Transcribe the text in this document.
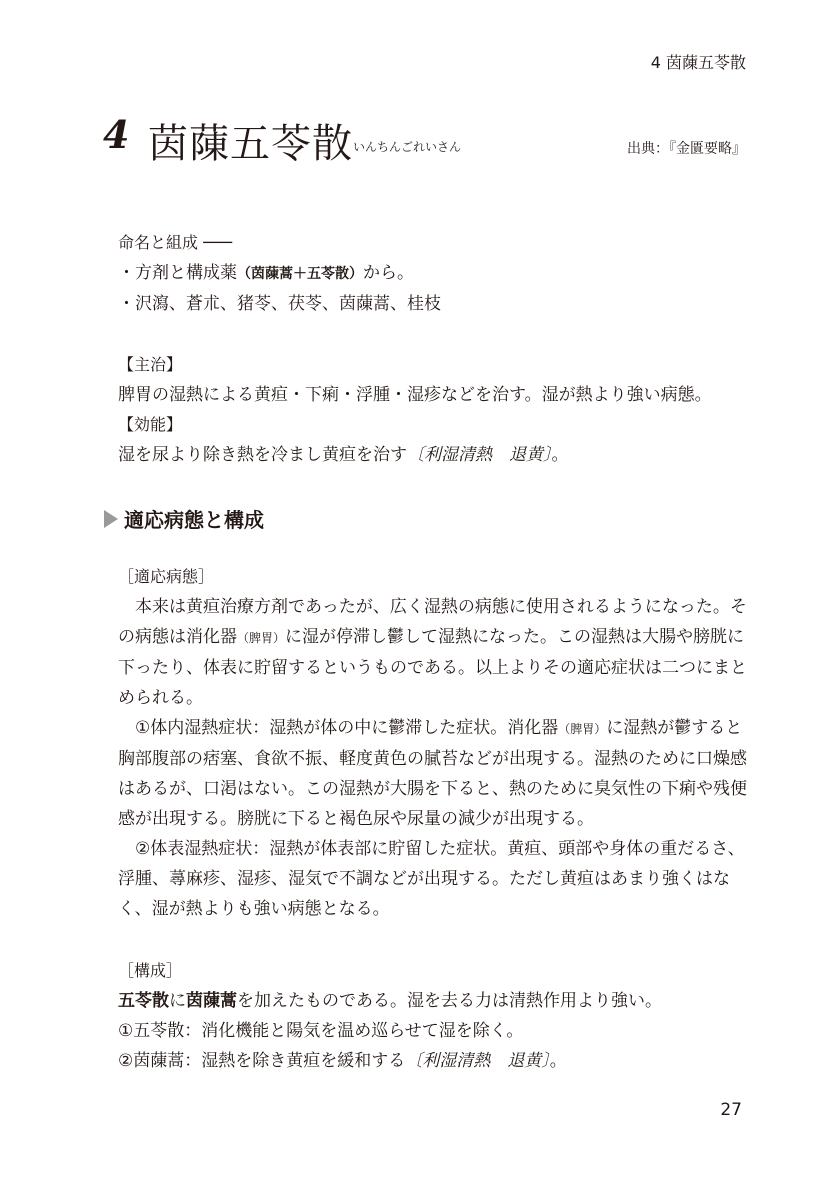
4 茵蔯五苓散
4 茵蔯五苓散 いんちんごれいさん	出典：『金匱要略』

命名と組成 ───

・方剤と構成薬（茵蔯蒿＋五苓散）から。

・沢瀉、蒼朮、猪苓、茯苓、茵蔯蒿、桂枝

【主治】

脾胃の湿熱による黄疸・下痢・浮腫・湿疹などを治す。湿が熱より強い病態。

【効能】

湿を尿より除き熱を冷まし黄疸を治す〔利湿清熱　退黄〕。

適応病態と構成

［適応病態］

　本来は黄疸治療方剤であったが、広く湿熱の病態に使用されるようになった。その病態は消化器（脾胃）に湿が停滞し鬱して湿熱になった。この湿熱は大腸や膀胱に下ったり、体表に貯留するというものである。以上よりその適応症状は二つにまとめられる。

　①体内湿熱症状：湿熱が体の中に鬱滞した症状。消化器（脾胃）に湿熱が鬱すると胸部腹部の痞塞、食欲不振、軽度黄色の膩苔などが出現する。湿熱のために口燥感はあるが、口渇はない。この湿熱が大腸を下ると、熱のために臭気性の下痢や残便感が出現する。膀胱に下ると褐色尿や尿量の減少が出現する。

　②体表湿熱症状：湿熱が体表部に貯留した症状。黄疸、頭部や身体の重だるさ、浮腫、蕁麻疹、湿疹、湿気で不調などが出現する。ただし黄疸はあまり強くはなく、湿が熱よりも強い病態となる。

［構成］

五苓散に茵蔯蒿を加えたものである。湿を去る力は清熱作用より強い。

①五苓散：消化機能と陽気を温め巡らせて湿を除く。

②茵蔯蒿：湿熱を除き黄疸を緩和する〔利湿清熱　退黄〕。

27
